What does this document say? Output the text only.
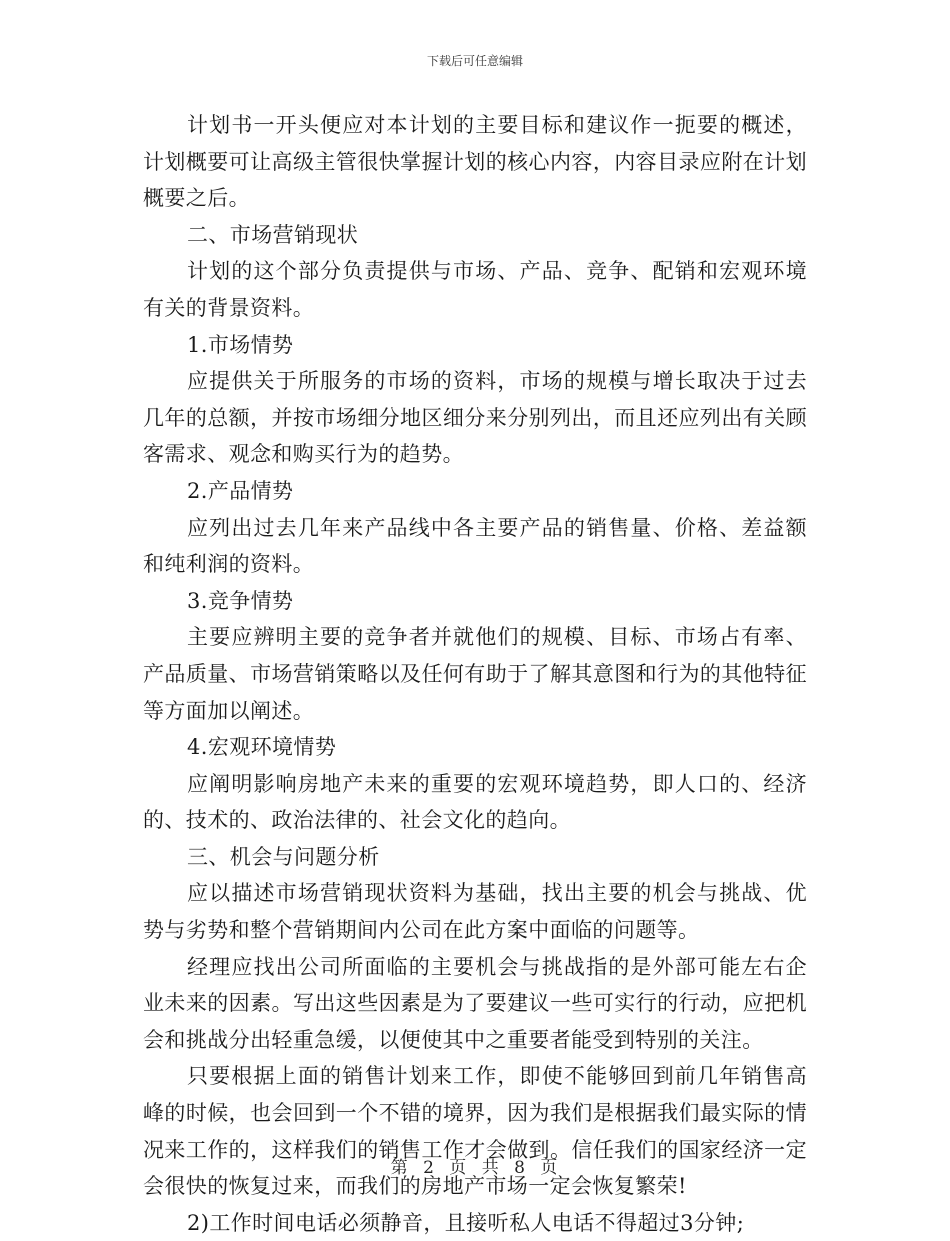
下载后可任意编辑

计划书一开头便应对本计划的主要目标和建议作一扼要的概述，计划概要可让高级主管很快掌握计划的核心内容，内容目录应附在计划概要之后。

二、市场营销现状

计划的这个部分负责提供与市场、产品、竞争、配销和宏观环境有关的背景资料。

1.市场情势

应提供关于所服务的市场的资料，市场的规模与增长取决于过去几年的总额，并按市场细分地区细分来分别列出，而且还应列出有关顾客需求、观念和购买行为的趋势。

2.产品情势

应列出过去几年来产品线中各主要产品的销售量、价格、差益额和纯利润的资料。

3.竞争情势

主要应辨明主要的竞争者并就他们的规模、目标、市场占有率、产品质量、市场营销策略以及任何有助于了解其意图和行为的其他特征等方面加以阐述。

4.宏观环境情势

应阐明影响房地产未来的重要的宏观环境趋势，即人口的、经济的、技术的、政治法律的、社会文化的趋向。

三、机会与问题分析

应以描述市场营销现状资料为基础，找出主要的机会与挑战、优势与劣势和整个营销期间内公司在此方案中面临的问题等。

经理应找出公司所面临的主要机会与挑战指的是外部可能左右企业未来的因素。写出这些因素是为了要建议一些可实行的行动，应把机会和挑战分出轻重急缓，以便使其中之重要者能受到特别的关注。

只要根据上面的销售计划来工作，即使不能够回到前几年销售高峰的时候，也会回到一个不错的境界，因为我们是根据我们最实际的情况来工作的，这样我们的销售工作才会做到。信任我们的国家经济一定会很快的恢复过来，而我们的房地产市场一定会恢复繁荣!

2)工作时间电话必须静音，且接听私人电话不得超过3分钟;

第 2 页 共 8 页
